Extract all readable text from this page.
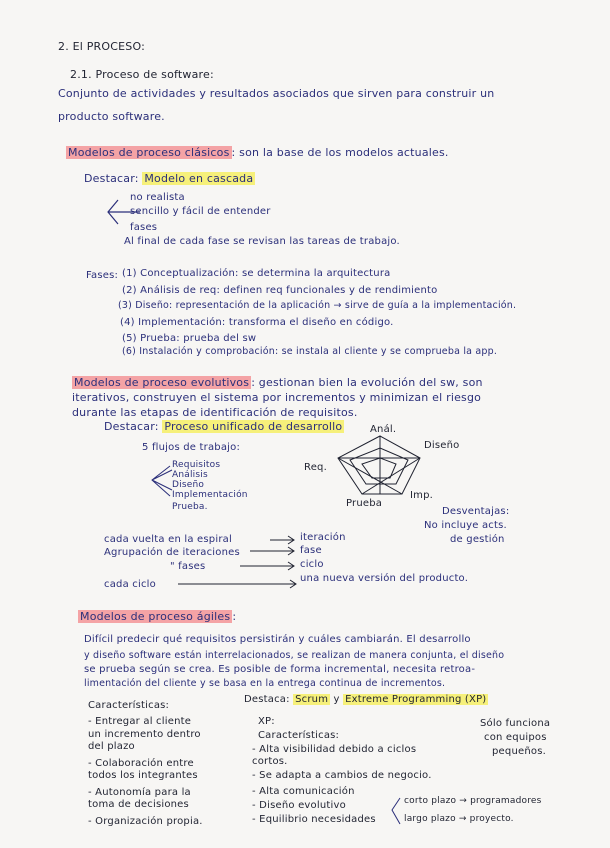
2. El PROCESO:
2.1. Proceso de software:
Conjunto de actividades y resultados asociados que sirven para construir un
producto software.
Modelos de proceso clásicos : son la base de los modelos actuales.
Destacar: Modelo en cascada
no realista
sencillo y fácil de entender
fases
Al final de cada fase se revisan las tareas de trabajo.
Fases: (1) Conceptualización: se determina la arquitectura
(2) Análisis de req: definen req funcionales y de rendimiento
(3) Diseño: representación de la aplicación → sirve de guía a la implementación.
(4) Implementación: transforma el diseño en código.
(5) Prueba: prueba del sw
(6) Instalación y comprobación: se instala al cliente y se comprueba la app.
Modelos de proceso evolutivos : gestionan bien la evolución del sw, son
iterativos, construyen el sistema por incrementos y minimizan el riesgo
durante las etapas de identificación de requisitos.
Destacar: Proceso unificado de desarrollo
5 flujos de trabajo:
Requisitos
Análisis
Diseño
Implementación
Prueba.
Anál.
Diseño
Req.
Prueba
Imp.
Desventajas:
No incluye acts.
de gestión
cada vuelta en la espiral	iteración
Agrupación de iteraciones	fase
" fases	ciclo
cada ciclo
una nueva versión del producto.
Modelos de proceso ágiles :
Difícil predecir qué requisitos persistirán y cuáles cambiarán. El desarrollo
y diseño software están interrelacionados, se realizan de manera conjunta, el diseño
se prueba según se crea. Es posible de forma incremental, necesita retroa-
limentación del cliente y se basa en la entrega continua de incrementos.
Características:
- Entregar al cliente
un incremento dentro
del plazo
- Colaboración entre
todos los integrantes
- Autonomía para la
toma de decisiones
- Organización propia.
Destaca: Scrum y Extreme Programming (XP)
XP:
Características:
- Alta visibilidad debido a ciclos
cortos.
- Se adapta a cambios de negocio.
- Alta comunicación
- Diseño evolutivo
- Equilibrio necesidades
corto plazo → programadores
largo plazo → proyecto.
Sólo funciona
con equipos
pequeños.
